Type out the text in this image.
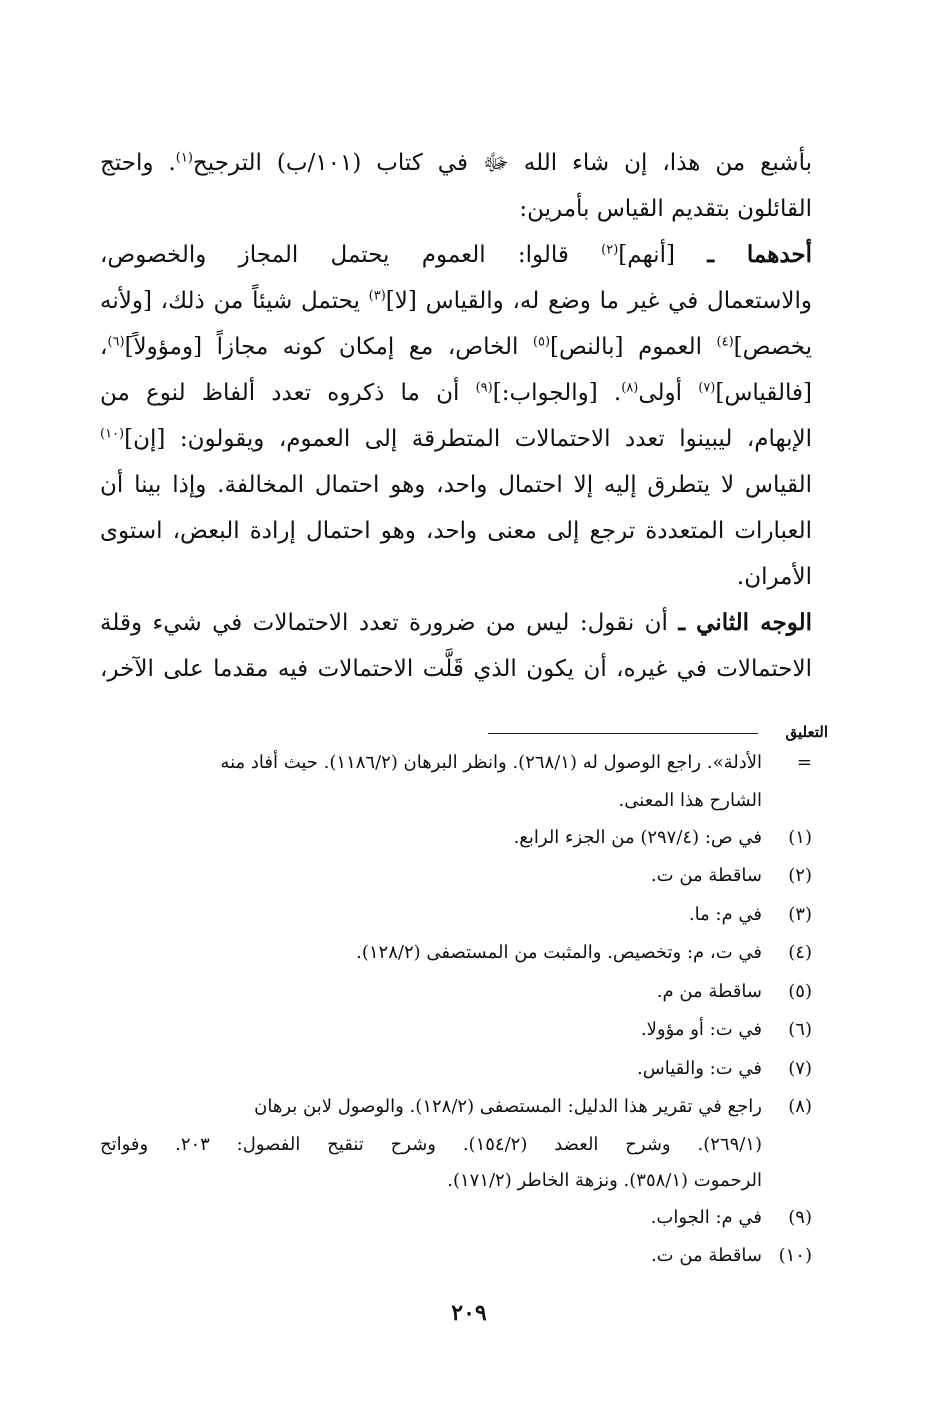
بأشبع من هذا، إن شاء الله ﷻ في كتاب (١٠١/ب) الترجيح$^{(١)}$. واحتج
القائلون بتقديم القياس بأمرين:
أحدهما ـ [أنهم]$^{(٢)}$ قالوا: العموم يحتمل المجاز والخصوص،
والاستعمال في غير ما وضع له، والقياس [لا]$^{(٣)}$ يحتمل شيئاً من ذلك، [ولأنه
يخصص]$^{(٤)}$ العموم [بالنص]$^{(٥)}$ الخاص، مع إمكان كونه مجازاً [ومؤولاً]$^{(٦)}$،
[فالقياس]$^{(٧)}$ أولى$^{(٨)}$. [والجواب:]$^{(٩)}$ أن ما ذكروه تعدد ألفاظ لنوع من
الإبهام، ليبينوا تعدد الاحتمالات المتطرقة إلى العموم، ويقولون: [إن]$^{(١٠)}$
القياس لا يتطرق إليه إلا احتمال واحد، وهو احتمال المخالفة. وإذا بينا أن
العبارات المتعددة ترجع إلى معنى واحد، وهو احتمال إرادة البعض، استوى
الأمران.
الوجه الثاني ـ أن نقول: ليس من ضرورة تعدد الاحتمالات في شيء وقلة
الاحتمالات في غيره، أن يكون الذي قَلَّت الاحتمالات فيه مقدما على الآخر،
التعليق
=
الأدلة». راجع الوصول له (٢٦٨/١). وانظر البرهان (١١٨٦/٢). حيث أفاد منه
الشارح هذا المعنى.
(١)
في ص: (٢٩٧/٤) من الجزء الرابع.
(٢)
ساقطة من ت.
(٣)
في م: ما.
(٤)
في ت، م: وتخصيص. والمثبت من المستصفى (١٢٨/٢).
(٥)
ساقطة من م.
(٦)
في ت: أو مؤولا.
(٧)
في ت: والقياس.
(٨)
راجع في تقرير هذا الدليل: المستصفى (١٢٨/٢). والوصول لابن برهان
(٢٦٩/١). وشرح العضد (١٥٤/٢). وشرح تنقيح الفصول: ٢٠٣. وفواتح
الرحموت (٣٥٨/١). ونزهة الخاطر (١٧١/٢).
(٩)
في م: الجواب.
(١٠)
ساقطة من ت.
٢٠٩
